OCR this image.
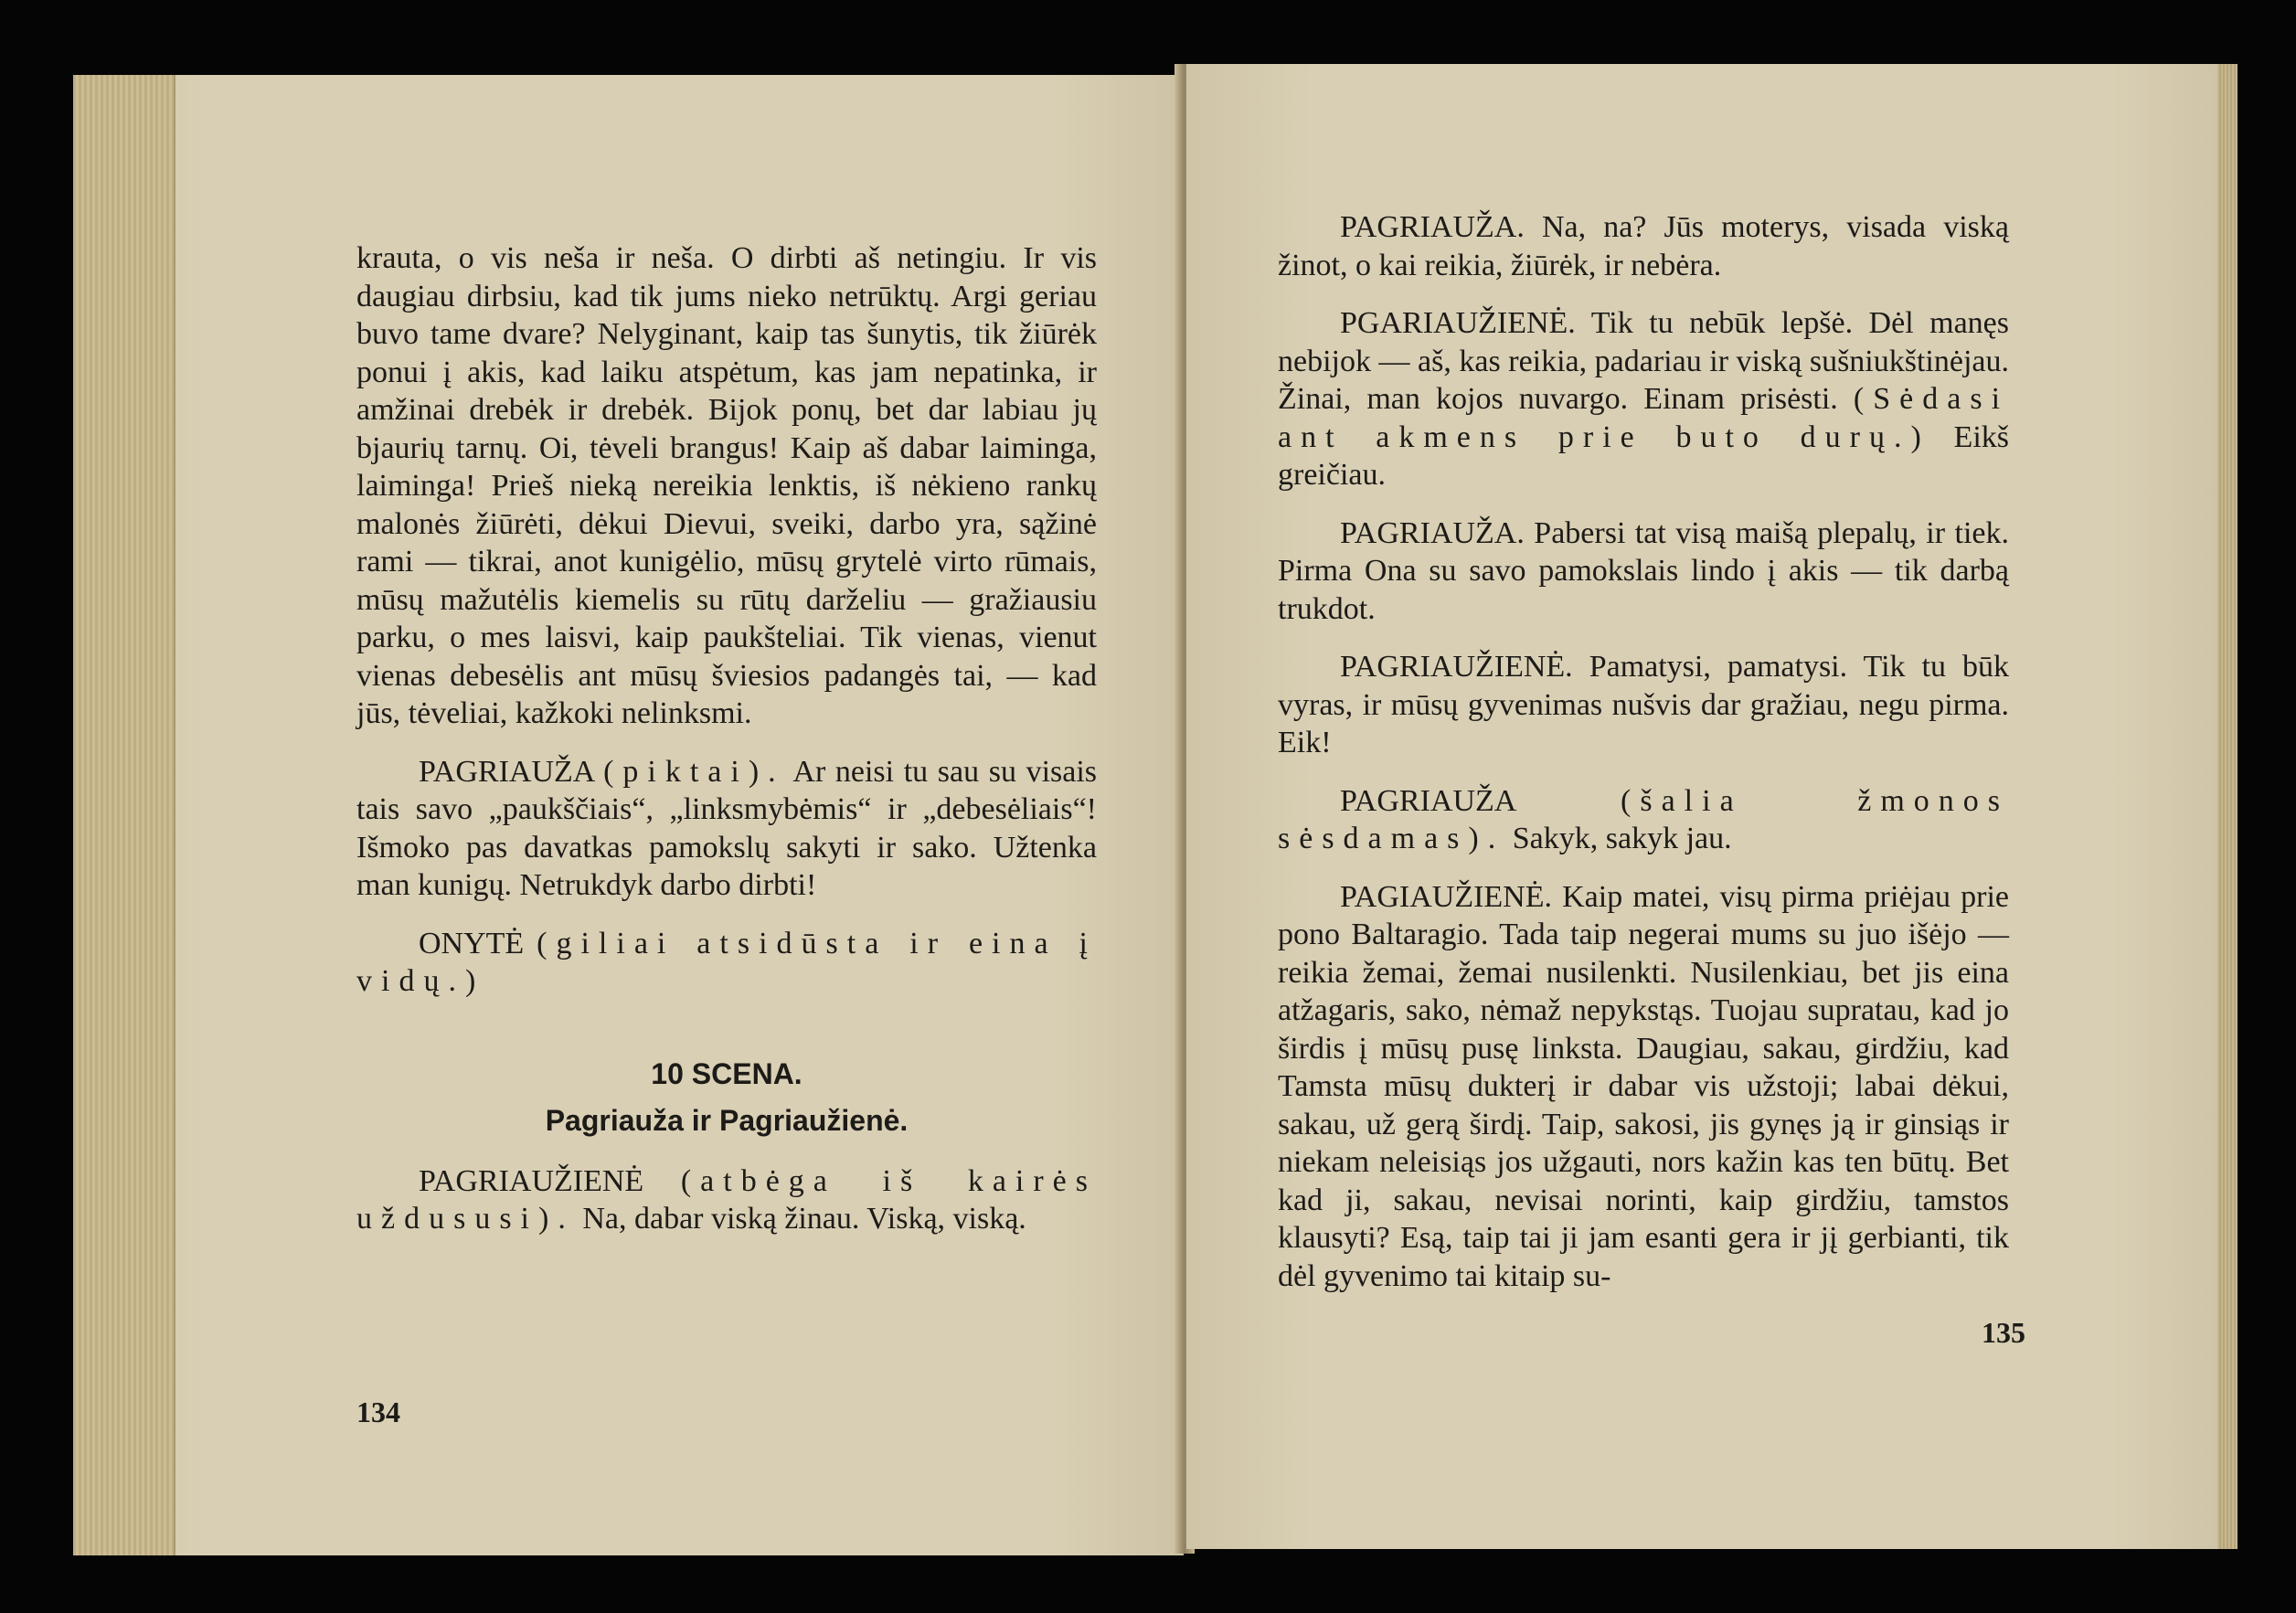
krauta, o vis neša ir neša. O dirbti aš netingiu. Ir vis daugiau dirbsiu, kad tik jums nieko netrūktų. Argi geriau buvo tame dvare? Nelyginant, kaip tas šunytis, tik žiūrėk ponui į akis, kad laiku atspėtum, kas jam nepatinka, ir amžinai drebėk ir drebėk. Bijok ponų, bet dar labiau jų bjaurių tarnų. Oi, tėveli brangus! Kaip aš dabar laiminga, laiminga! Prieš nieką nereikia lenktis, iš nėkieno rankų malonės žiūrėti, dėkui Dievui, sveiki, darbo yra, sąžinė rami — tikrai, anot kunigėlio, mūsų grytelė virto rūmais, mūsų mažutėlis kiemelis su rūtų darželiu — gražiausiu parku, o mes laisvi, kaip paukšteliai. Tik vienas, vienut vienas debesėlis ant mūsų šviesios padangės tai, — kad jūs, tėveliai, kažkoki nelinksmi.

PAGRIAUŽA (piktai). Ar neisi tu sau su visais tais savo „paukščiais“, „linksmybėmis“ ir „debesėliais“! Išmoko pas davatkas pamokslų sakyti ir sako. Užtenka man kunigų. Netrukdyk darbo dirbti!

ONYTĖ (giliai atsidūsta ir eina į vidų.)

10 SCENA.
Pagriauža ir Pagriaužienė.

PAGRIAUŽIENĖ (atbėga iš kairės uždususi). Na, dabar viską žinau. Viską, viską.

134

PAGRIAUŽA. Na, na? Jūs moterys, visada viską žinot, o kai reikia, žiūrėk, ir nebėra.

PGARIAUŽIENĖ. Tik tu nebūk lepšė. Dėl manęs nebijok — aš, kas reikia, padariau ir viską sušniukštinėjau. Žinai, man kojos nuvargo. Einam prisėsti. (Sėdasi ant akmens prie buto durų.) Eikš greičiau.

PAGRIAUŽA. Pabersi tat visą maišą plepalų, ir tiek. Pirma Ona su savo pamokslais lindo į akis — tik darbą trukdot.

PAGRIAUŽIENĖ. Pamatysi, pamatysi. Tik tu būk vyras, ir mūsų gyvenimas nušvis dar gražiau, negu pirma. Eik!

PAGRIAUŽA	(šalia žmonos sėsdamas). Sakyk, sakyk jau.

PAGIAUŽIENĖ. Kaip matei, visų pirma priėjau prie pono Baltaragio. Tada taip negerai mums su juo išėjo — reikia žemai, žemai nusilenkti. Nusilenkiau, bet jis eina atžagaris, sako, nėmaž nepykstąs. Tuojau supratau, kad jo širdis į mūsų pusę linksta. Daugiau, sakau, girdžiu, kad Tamsta mūsų dukterį ir dabar vis užstoji; labai dėkui, sakau, už gerą širdį. Taip, sakosi, jis gynęs ją ir ginsiąs ir niekam neleisiąs jos užgauti, nors kažin kas ten būtų. Bet kad ji, sakau, nevisai norinti, kaip girdžiu, tamstos klausyti? Esą, taip tai ji jam esanti gera ir jį gerbianti, tik dėl gyvenimo tai kitaip su-

135
